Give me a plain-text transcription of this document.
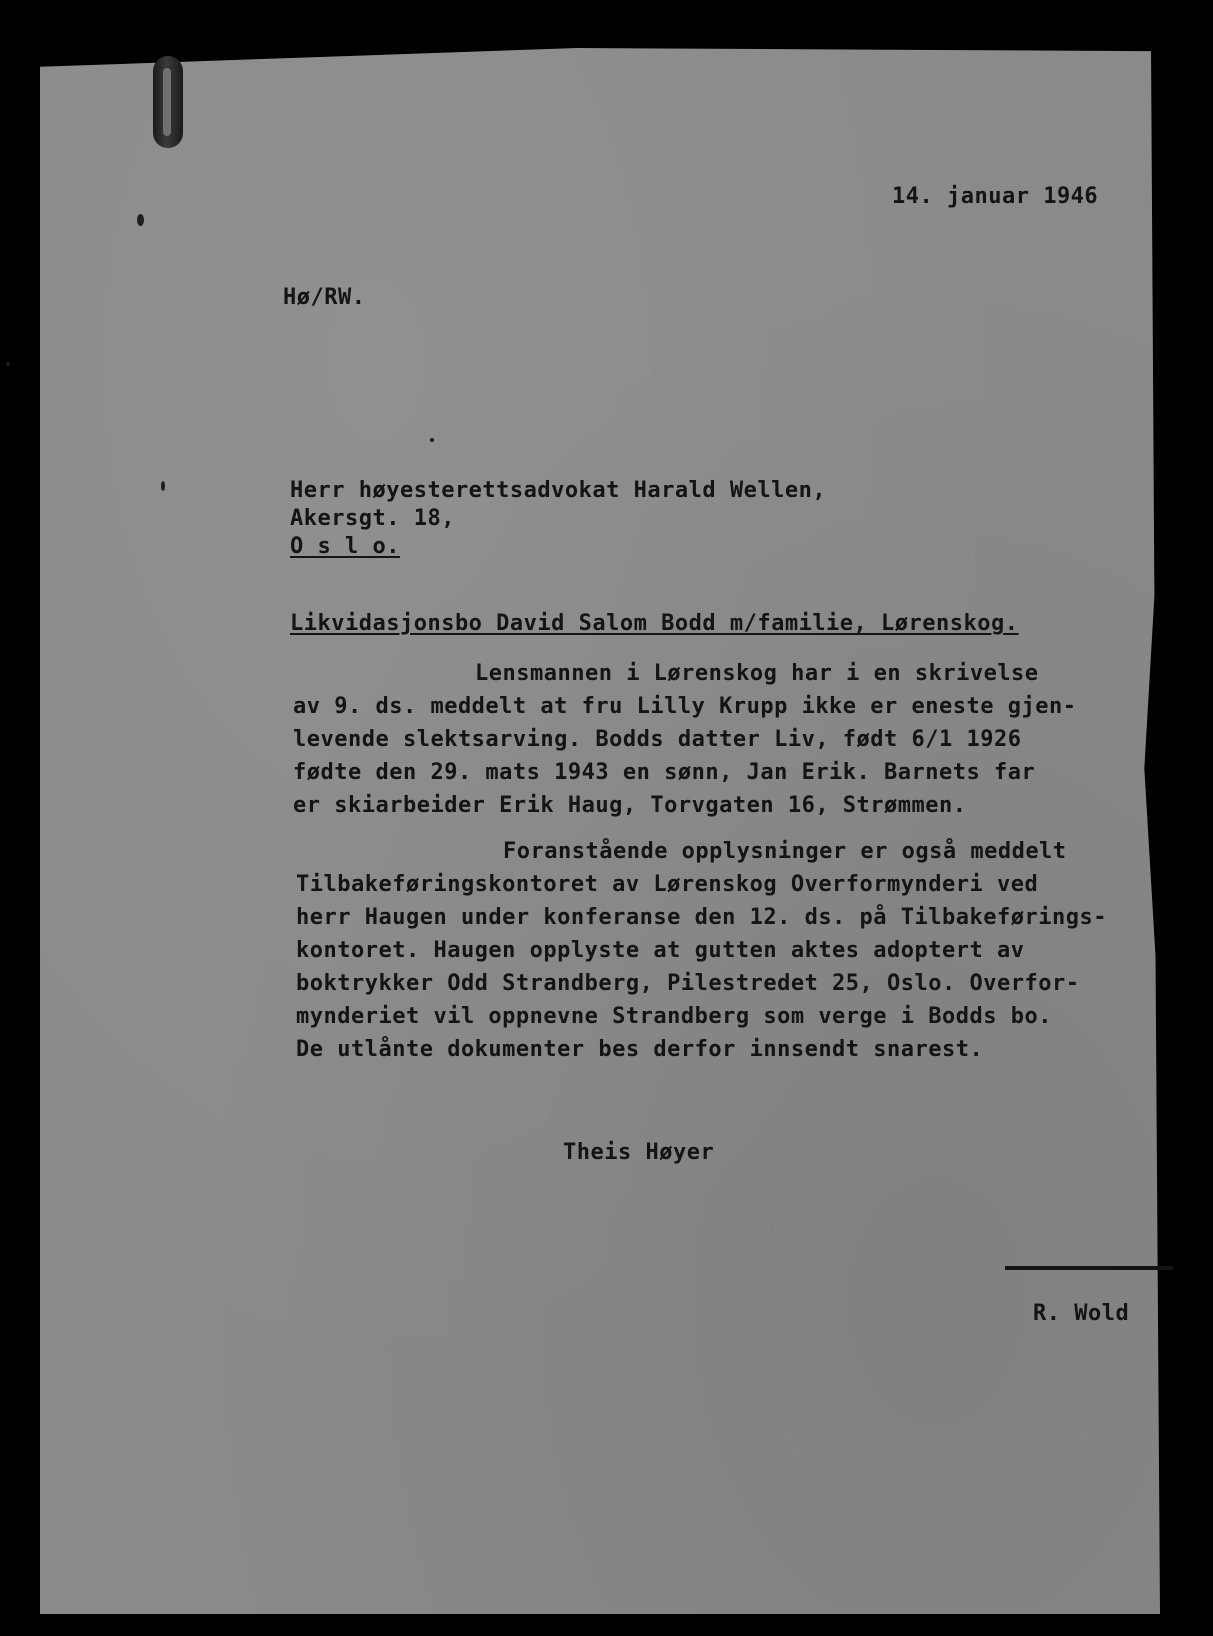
14. januar 1946
Hø/RW.
Herr høyesterettsadvokat Harald Wellen,
Akersgt. 18,
O s l o.
Likvidasjonsbo David Salom Bodd m/familie, Lørenskog.
Lensmannen i Lørenskog har i en skrivelse
av 9. ds. meddelt at fru Lilly Krupp ikke er eneste gjen-
levende slektsarving. Bodds datter Liv, født 6/1 1926
fødte den 29. mats 1943 en sønn, Jan Erik. Barnets far
er skiarbeider Erik Haug, Torvgaten 16, Strømmen.
Foranstående opplysninger er også meddelt
Tilbakeføringskontoret av Lørenskog Overformynderi ved
herr Haugen under konferanse den 12. ds. på Tilbakeførings-
kontoret. Haugen opplyste at gutten aktes adoptert av
boktrykker Odd Strandberg, Pilestredet 25, Oslo. Overfor-
mynderiet vil oppnevne Strandberg som verge i Bodds bo.
De utlånte dokumenter bes derfor innsendt snarest.
Theis Høyer
R. Wold
